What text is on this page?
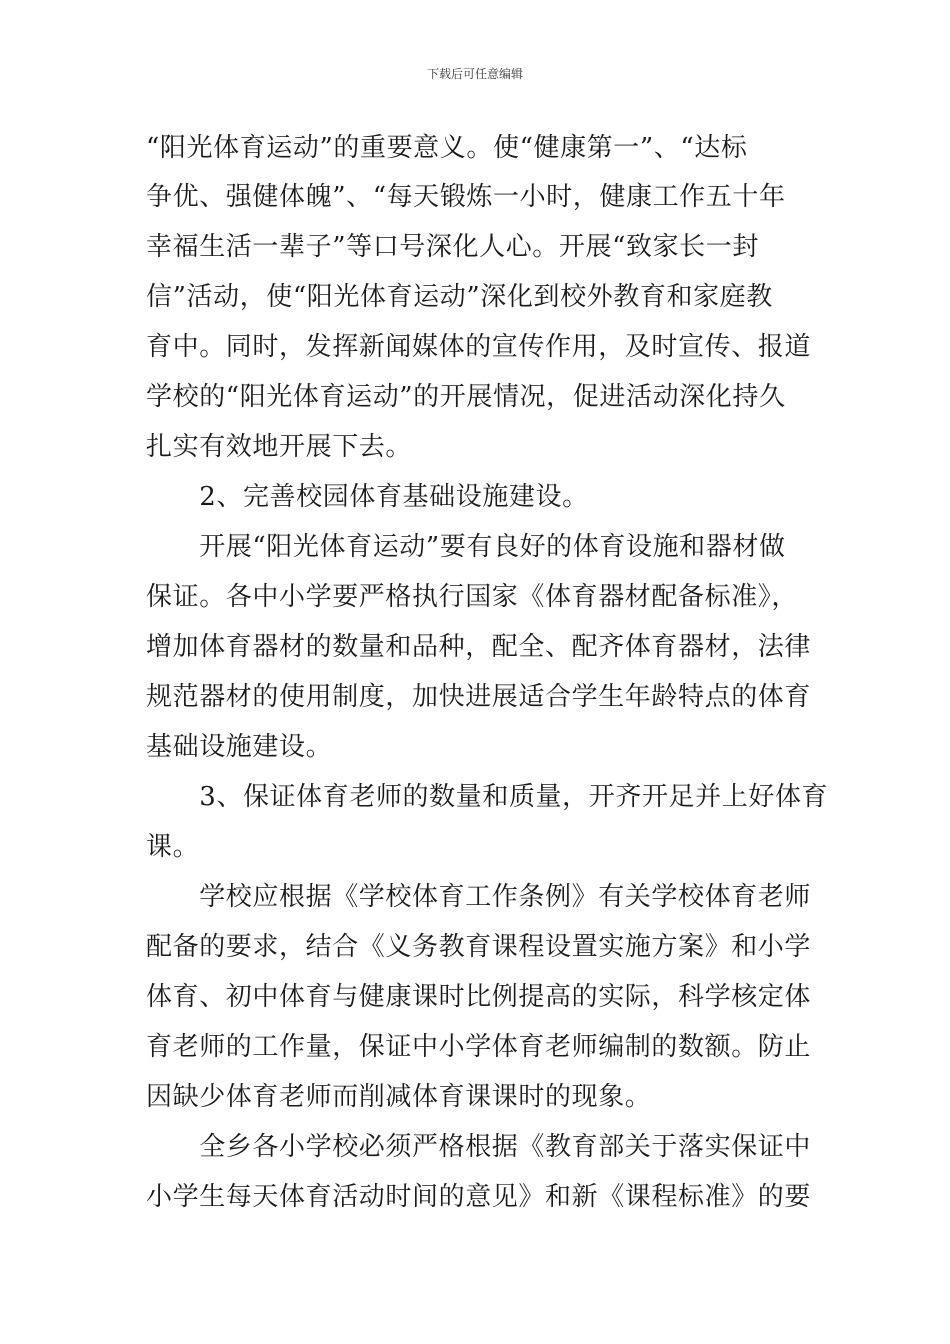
下载后可任意编辑
“阳光体育运动”的重要意义。使“健康第一”、“达标
争优、强健体魄”、“每天锻炼一小时，健康工作五十年
幸福生活一辈子”等口号深化人心。开展“致家长一封
信”活动，使“阳光体育运动”深化到校外教育和家庭教
育中。同时，发挥新闻媒体的宣传作用，及时宣传、报道
学校的“阳光体育运动”的开展情况，促进活动深化持久
扎实有效地开展下去。
　　2、完善校园体育基础设施建设。
　　开展“阳光体育运动”要有良好的体育设施和器材做
保证。各中小学要严格执行国家《体育器材配备标准》，
增加体育器材的数量和品种，配全、配齐体育器材，法律
规范器材的使用制度，加快进展适合学生年龄特点的体育
基础设施建设。
　　3、保证体育老师的数量和质量，开齐开足并上好体育
课。
　　学校应根据《学校体育工作条例》有关学校体育老师
配备的要求，结合《义务教育课程设置实施方案》和小学
体育、初中体育与健康课时比例提高的实际，科学核定体
育老师的工作量，保证中小学体育老师编制的数额。防止
因缺少体育老师而削减体育课课时的现象。
　　全乡各小学校必须严格根据《教育部关于落实保证中
小学生每天体育活动时间的意见》和新《课程标准》的要
